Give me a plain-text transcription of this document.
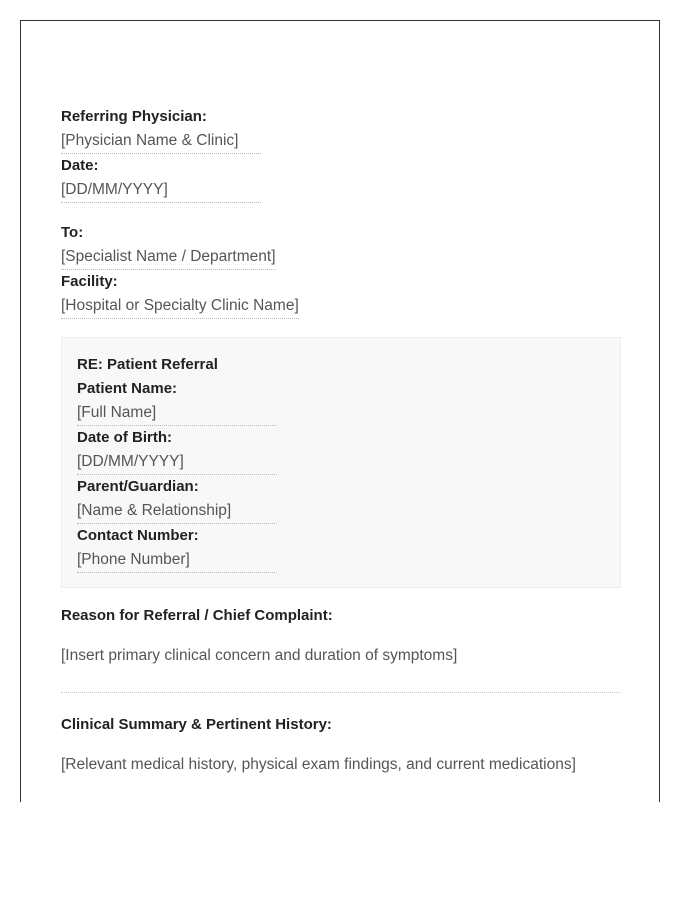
Referring Physician:
[Physician Name & Clinic]
Date:
[DD/MM/YYYY]
To:
[Specialist Name / Department]
Facility:
[Hospital or Specialty Clinic Name]
RE: Patient Referral
Patient Name:
[Full Name]
Date of Birth:
[DD/MM/YYYY]
Parent/Guardian:
[Name & Relationship]
Contact Number:
[Phone Number]
Reason for Referral / Chief Complaint:
[Insert primary clinical concern and duration of symptoms]
Clinical Summary & Pertinent History:
[Relevant medical history, physical exam findings, and current medications]
